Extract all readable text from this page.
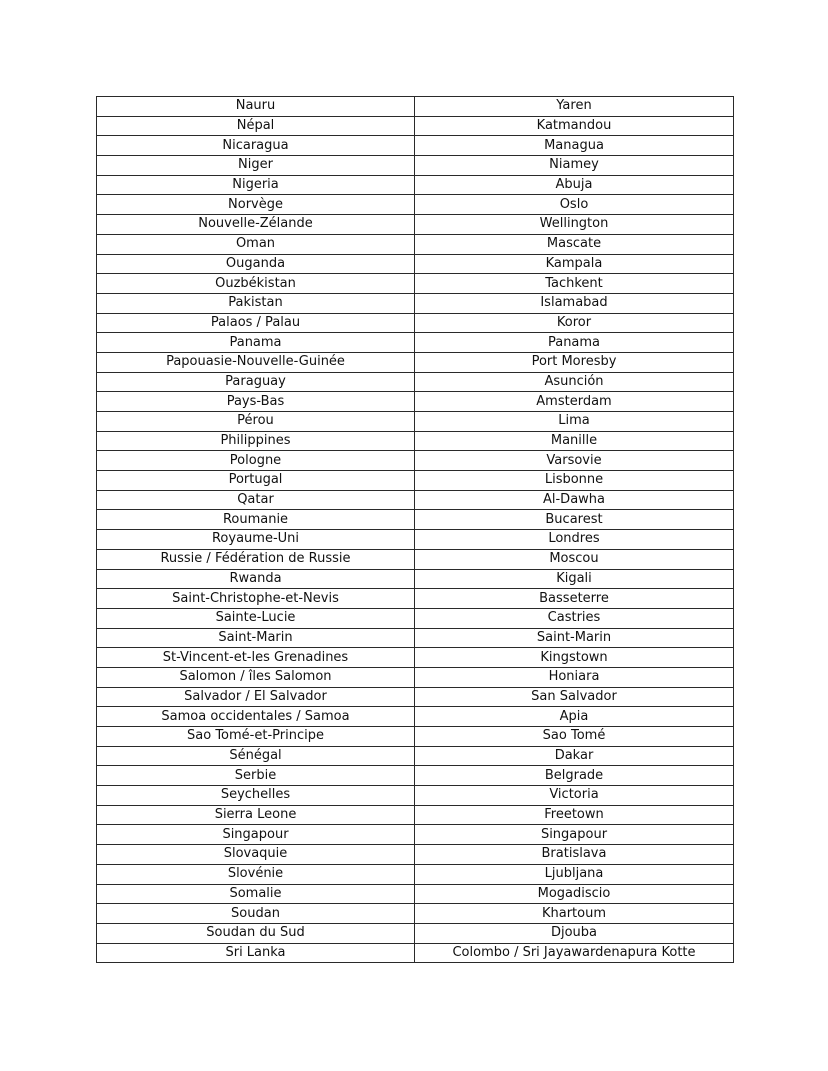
Nauru	Yaren
Népal	Katmandou
Nicaragua	Managua
Niger	Niamey
Nigeria	Abuja
Norvège	Oslo
Nouvelle-Zélande	Wellington
Oman	Mascate
Ouganda	Kampala
Ouzbékistan	Tachkent
Pakistan	Islamabad
Palaos / Palau	Koror
Panama	Panama
Papouasie-Nouvelle-Guinée	Port Moresby
Paraguay	Asunción
Pays-Bas	Amsterdam
Pérou	Lima
Philippines	Manille
Pologne	Varsovie
Portugal	Lisbonne
Qatar	Al-Dawha
Roumanie	Bucarest
Royaume-Uni	Londres
Russie / Fédération de Russie	Moscou
Rwanda	Kigali
Saint-Christophe-et-Nevis	Basseterre
Sainte-Lucie	Castries
Saint-Marin	Saint-Marin
St-Vincent-et-les Grenadines	Kingstown
Salomon / îles Salomon	Honiara
Salvador / El Salvador	San Salvador
Samoa occidentales / Samoa	Apia
Sao Tomé-et-Principe	Sao Tomé
Sénégal	Dakar
Serbie	Belgrade
Seychelles	Victoria
Sierra Leone	Freetown
Singapour	Singapour
Slovaquie	Bratislava
Slovénie	Ljubljana
Somalie	Mogadiscio
Soudan	Khartoum
Soudan du Sud	Djouba
Sri Lanka	Colombo / Sri Jayawardenapura Kotte
